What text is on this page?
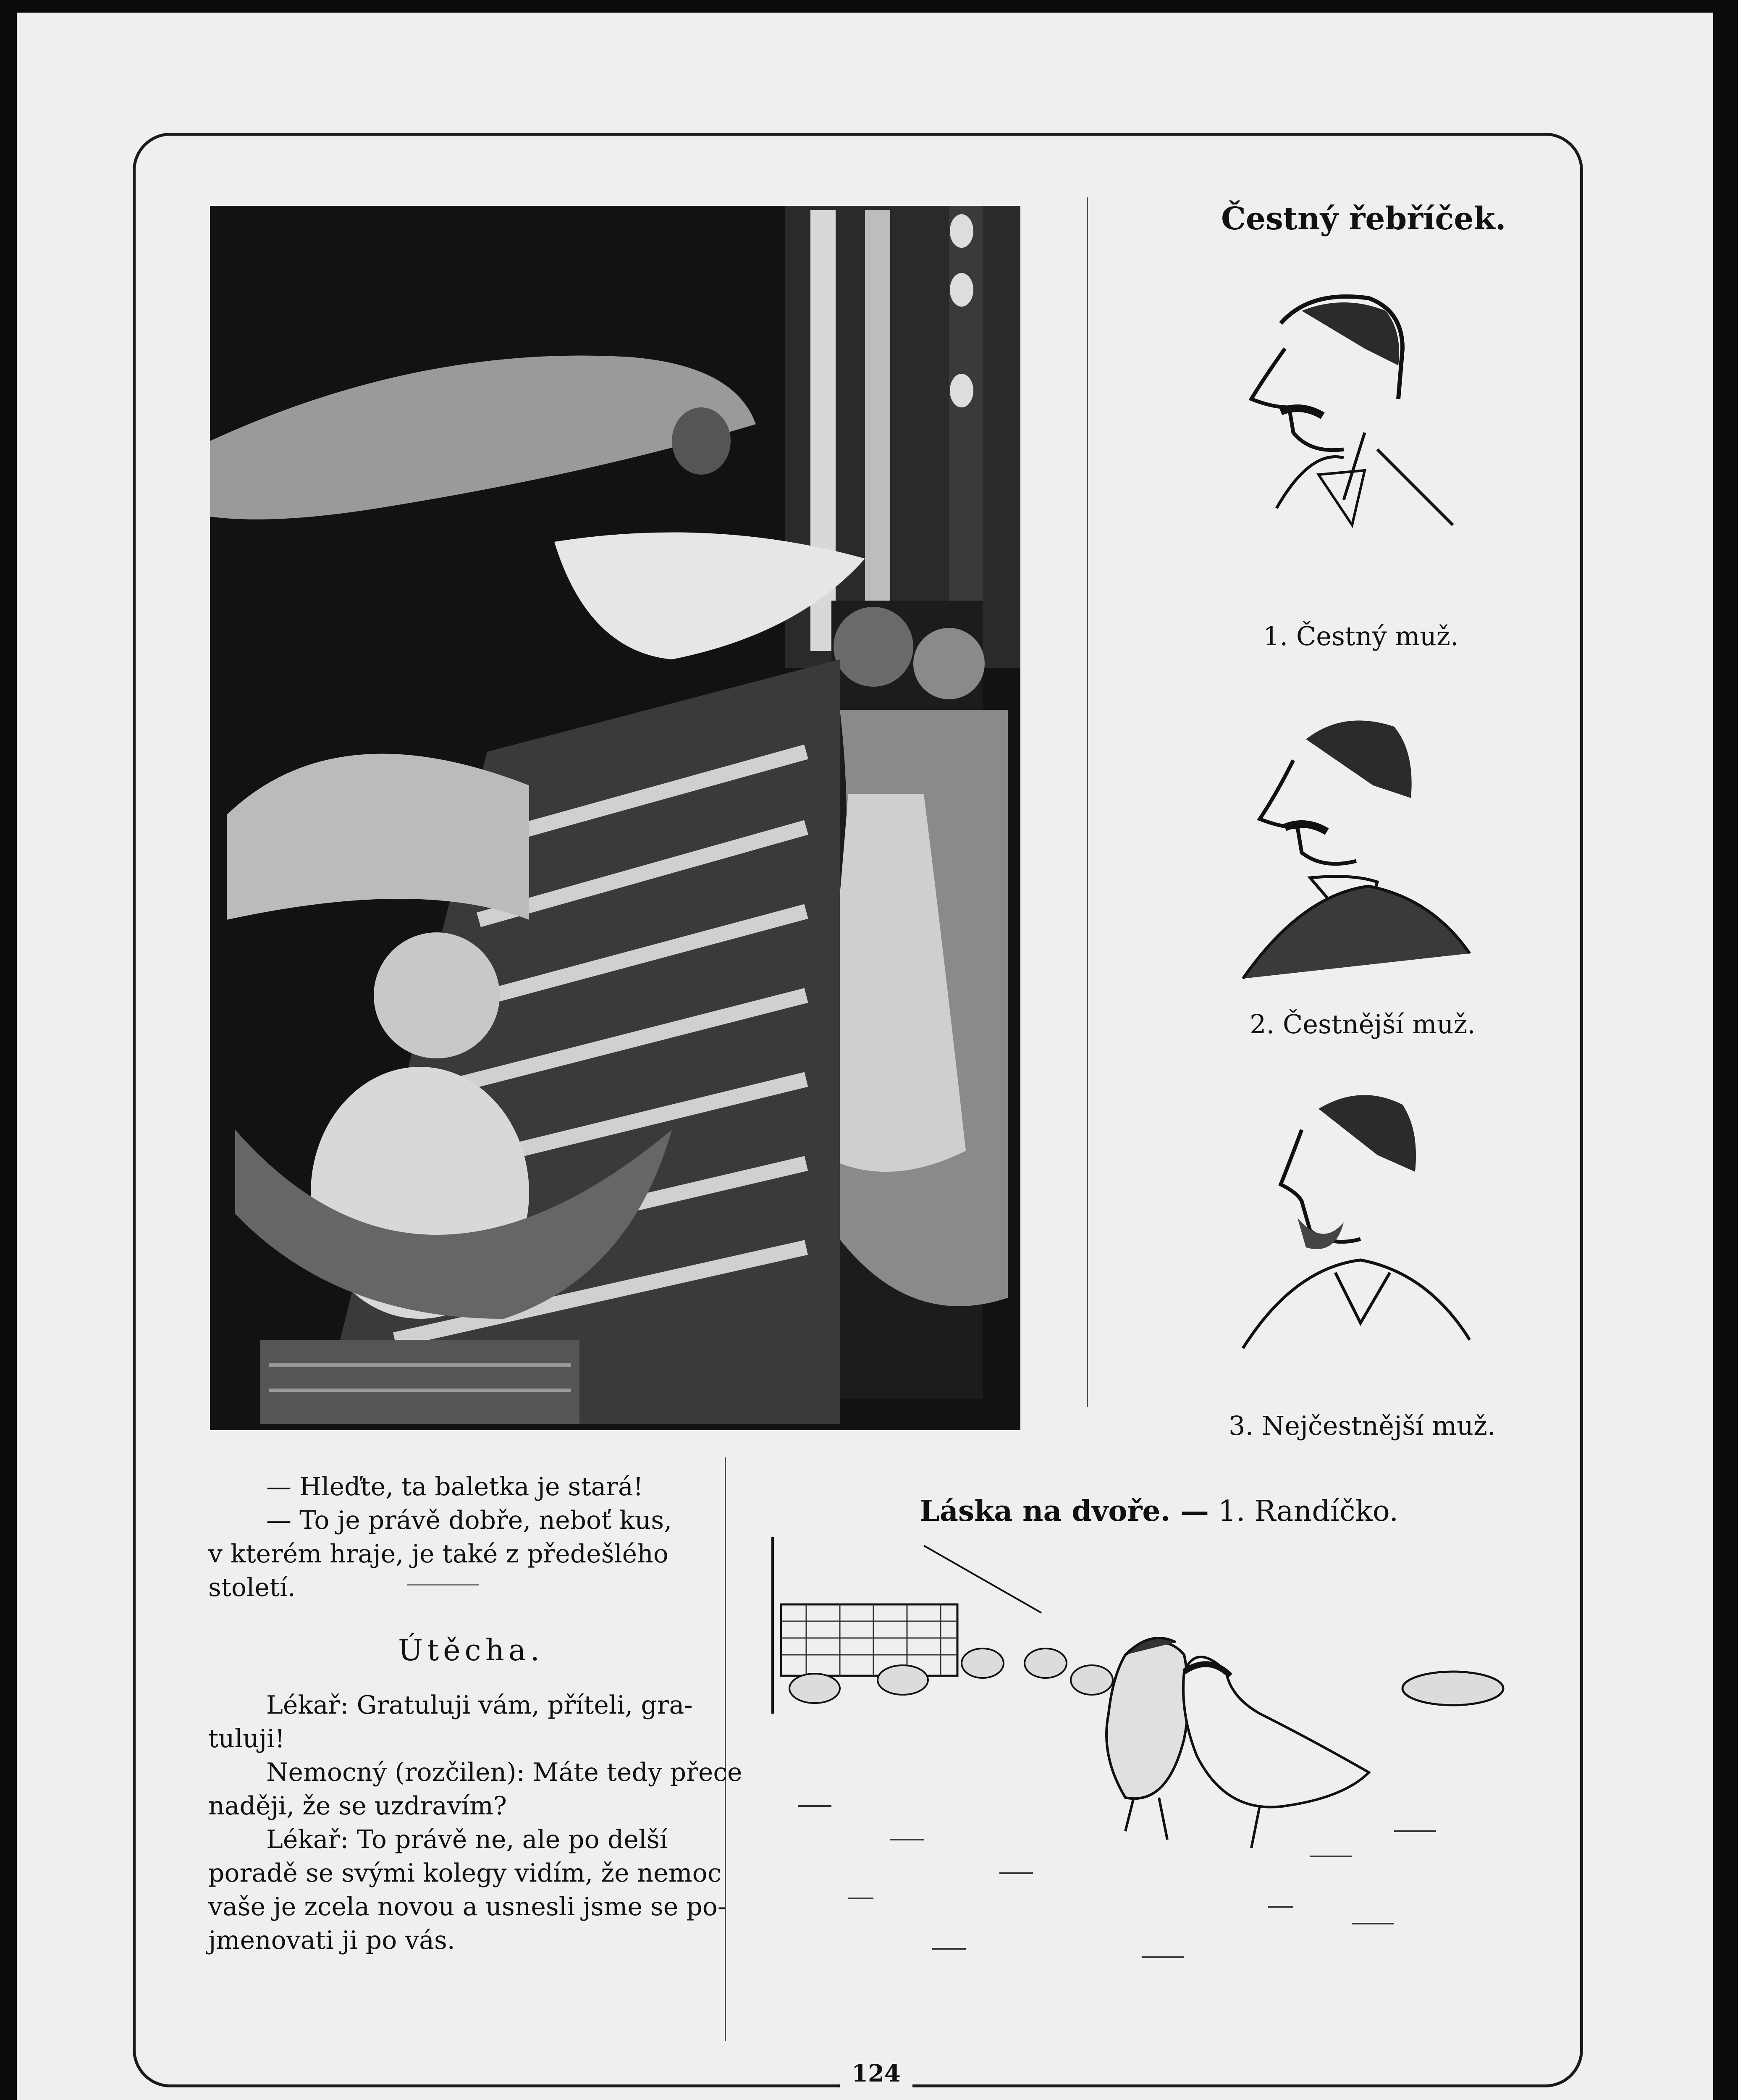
Čestný řebříček.
1. Čestný muž.
2. Čestnější muž.
3. Nejčestnější muž.
— Hleďte, ta baletka je stará!
— To je právě dobře, neboť kus,
v kterém hraje, je také z předešlého
století.
Útěcha.
Lékař: Gratuluji vám, příteli, gra-
tuluji!
Nemocný (rozčilen): Máte tedy přece
naději, že se uzdravím?
Lékař: To právě ne, ale po delší
poradě se svými kolegy vidím, že nemoc
vaše je zcela novou a usnesli jsme se po-
jmenovati ji po vás.
Láska na dvoře. — 1. Randíčko.
124
